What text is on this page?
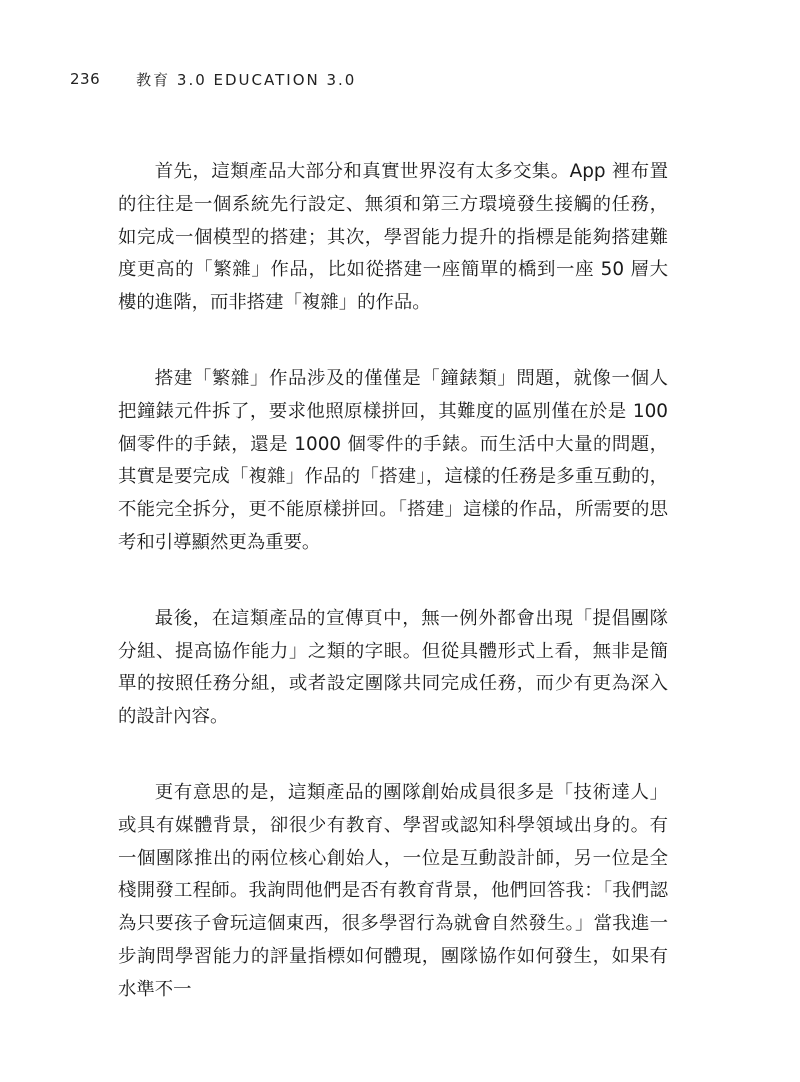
236 教育 3.0 EDUCATION 3.0

首先，這類產品大部分和真實世界沒有太多交集。App 裡布置的往往是一個系統先行設定、無須和第三方環境發生接觸的任務，如完成一個模型的搭建；其次，學習能力提升的指標是能夠搭建難度更高的「繁雜」作品，比如從搭建一座簡單的橋到一座 50 層大樓的進階，而非搭建「複雜」的作品。

搭建「繁雜」作品涉及的僅僅是「鐘錶類」問題，就像一個人把鐘錶元件拆了，要求他照原樣拼回，其難度的區別僅在於是 100 個零件的手錶，還是 1000 個零件的手錶。而生活中大量的問題，其實是要完成「複雜」作品的「搭建」，這樣的任務是多重互動的，不能完全拆分，更不能原樣拼回。「搭建」這樣的作品，所需要的思考和引導顯然更為重要。

最後，在這類產品的宣傳頁中，無一例外都會出現「提倡團隊分組、提高協作能力」之類的字眼。但從具體形式上看，無非是簡單的按照任務分組，或者設定團隊共同完成任務，而少有更為深入的設計內容。

更有意思的是，這類產品的團隊創始成員很多是「技術達人」或具有媒體背景，卻很少有教育、學習或認知科學領域出身的。有一個團隊推出的兩位核心創始人，一位是互動設計師，另一位是全棧開發工程師。我詢問他們是否有教育背景，他們回答我：「我們認為只要孩子會玩這個東西，很多學習行為就會自然發生。」當我進一步詢問學習能力的評量指標如何體現，團隊協作如何發生，如果有水準不一
